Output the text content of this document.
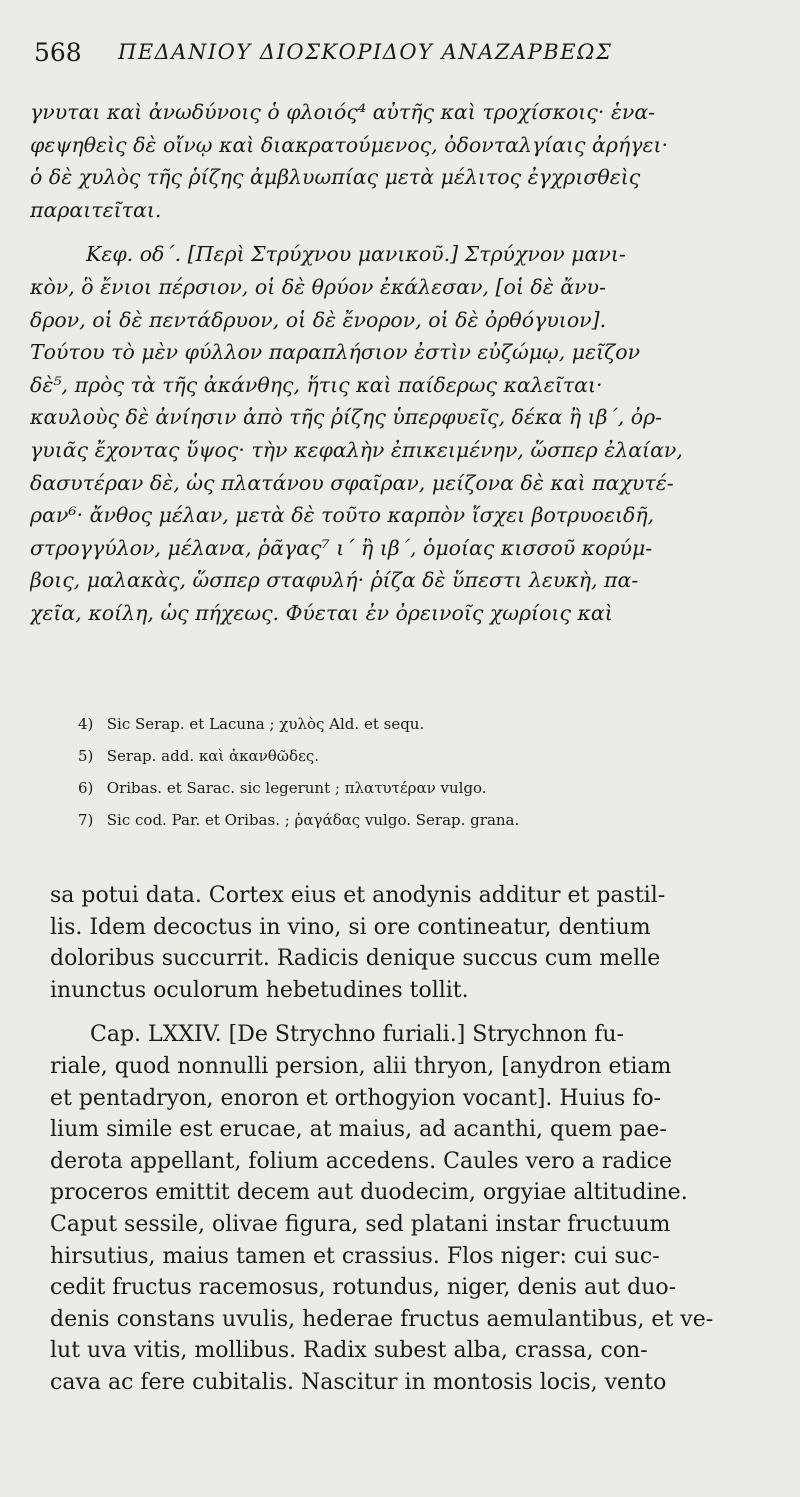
568 ΠΕΔΑΝΙΟΥ ΔΙΟΣΚΟΡΙΔΟΥ ΑΝΑΖΑΡΒΕΩΣ
γνυται καὶ ἀνωδύνοις ὁ φλοιός⁴ αὐτῆς καὶ τροχίσκοις· ἑνα-
φεψηθεὶς δὲ οἴνῳ καὶ διακρατούμενος, ὀδονταλγίαις ἀρήγει·
ὁ δὲ χυλὸς τῆς ῥίζης ἀμβλυωπίας μετὰ μέλιτος ἐγχρισθεὶς
παραιτεῖται.
Κεφ. οδ΄. [Περὶ Στρύχνου μανικοῦ.] Στρύχνον μανι-
κὸν, ὃ ἔνιοι πέρσιον, οἱ δὲ θρύον ἐκάλεσαν, [οἱ δὲ ἄνυ-
δρον, οἱ δὲ πεντάδρυον, οἱ δὲ ἔνορον, οἱ δὲ ὀρθόγυιον].
Τούτου τὸ μὲν φύλλον παραπλήσιον ἐστὶν εὐζώμῳ, μεῖζον
δὲ⁵, πρὸς τὰ τῆς ἀκάνθης, ἥτις καὶ παίδερως καλεῖται·
καυλοὺς δὲ ἀνίησιν ἀπὸ τῆς ῥίζης ὑπερφυεῖς, δέκα ἢ ιβ΄, ὀρ-
γυιᾶς ἔχοντας ὕψος· τὴν κεφαλὴν ἐπικειμένην, ὥσπερ ἐλαίαν,
δασυτέραν δὲ, ὡς πλατάνου σφαῖραν, μείζονα δὲ καὶ παχυτέ-
ραν⁶· ἄνθος μέλαν, μετὰ δὲ τοῦτο καρπὸν ἴσχει βοτρυοειδῆ,
στρογγύλον, μέλανα, ῥᾶγας⁷ ι΄ ἢ ιβ΄, ὁμοίας κισσοῦ κορύμ-
βοις, μαλακὰς, ὥσπερ σταφυλή· ῥίζα δὲ ὕπεστι λευκὴ, πα-
χεῖα, κοίλη, ὡς πήχεως. Φύεται ἐν ὀρεινοῖς χωρίοις καὶ
4) Sic Serap. et Lacuna ; χυλὸς Ald. et sequ.
5) Serap. add. καὶ ἀκανθῶδες.
6) Oribas. et Sarac. sic legerunt ; πλατυτέραν vulgo.
7) Sic cod. Par. et Oribas. ; ῥαγάδας vulgo. Serap. grana.
sa potui data. Cortex eius et anodynis additur et pastil-
lis. Idem decoctus in vino, si ore contineatur, dentium
doloribus succurrit. Radicis denique succus cum melle
inunctus oculorum hebetudines tollit.
Cap. LXXIV. [De Strychno furiali.] Strychnon fu-
riale, quod nonnulli persion, alii thryon, [anydron etiam
et pentadryon, enoron et orthogyion vocant]. Huius fo-
lium simile est erucae, at maius, ad acanthi, quem pae-
derota appellant, folium accedens. Caules vero a radice
proceros emittit decem aut duodecim, orgyiae altitudine.
Caput sessile, olivae figura, sed platani instar fructuum
hirsutius, maius tamen et crassius. Flos niger: cui suc-
cedit fructus racemosus, rotundus, niger, denis aut duo-
denis constans uvulis, hederae fructus aemulantibus, et ve-
lut uva vitis, mollibus. Radix subest alba, crassa, con-
cava ac fere cubitalis. Nascitur in montosis locis, vento
